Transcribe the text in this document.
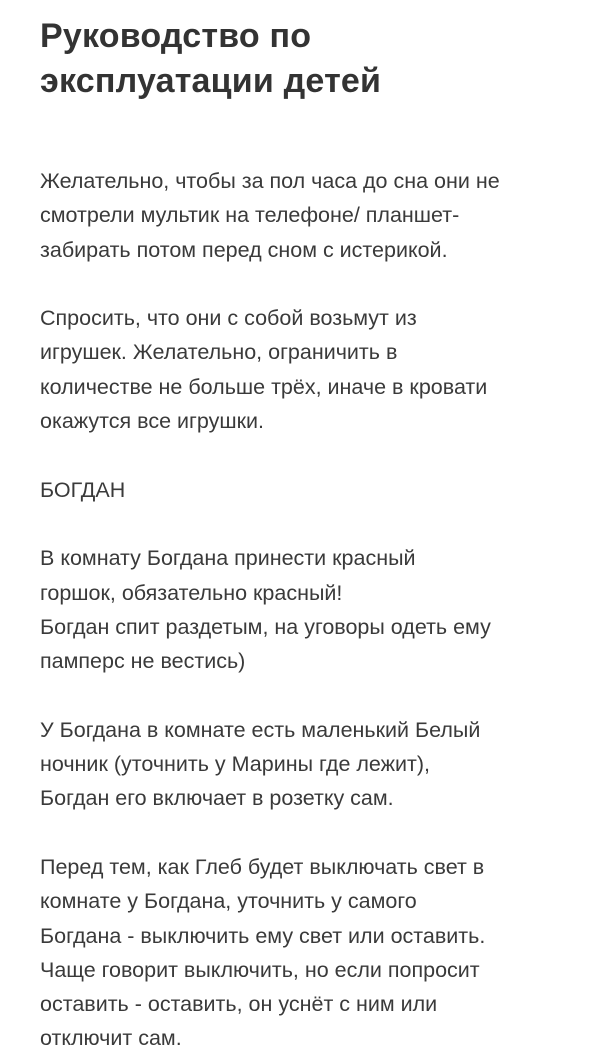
Руководство по
эксплуатации детей

Желательно, чтобы за пол часа до сна они не
смотрели мультик на телефоне/ планшет-
забирать потом перед сном с истерикой.

Спросить, что они с собой возьмут из
игрушек. Желательно, ограничить в
количестве не больше трёх, иначе в кровати
окажутся все игрушки.

БОГДАН

В комнату Богдана принести красный
горшок, обязательно красный!
Богдан спит раздетым, на уговоры одеть ему
памперс не вестись)

У Богдана в комнате есть маленький Белый
ночник (уточнить у Марины где лежит),
Богдан его включает в розетку сам.

Перед тем, как Глеб будет выключать свет в
комнате у Богдана, уточнить у самого
Богдана - выключить ему свет или оставить.
Чаще говорит выключить, но если попросит
оставить - оставить, он уснёт с ним или
отключит сам.
